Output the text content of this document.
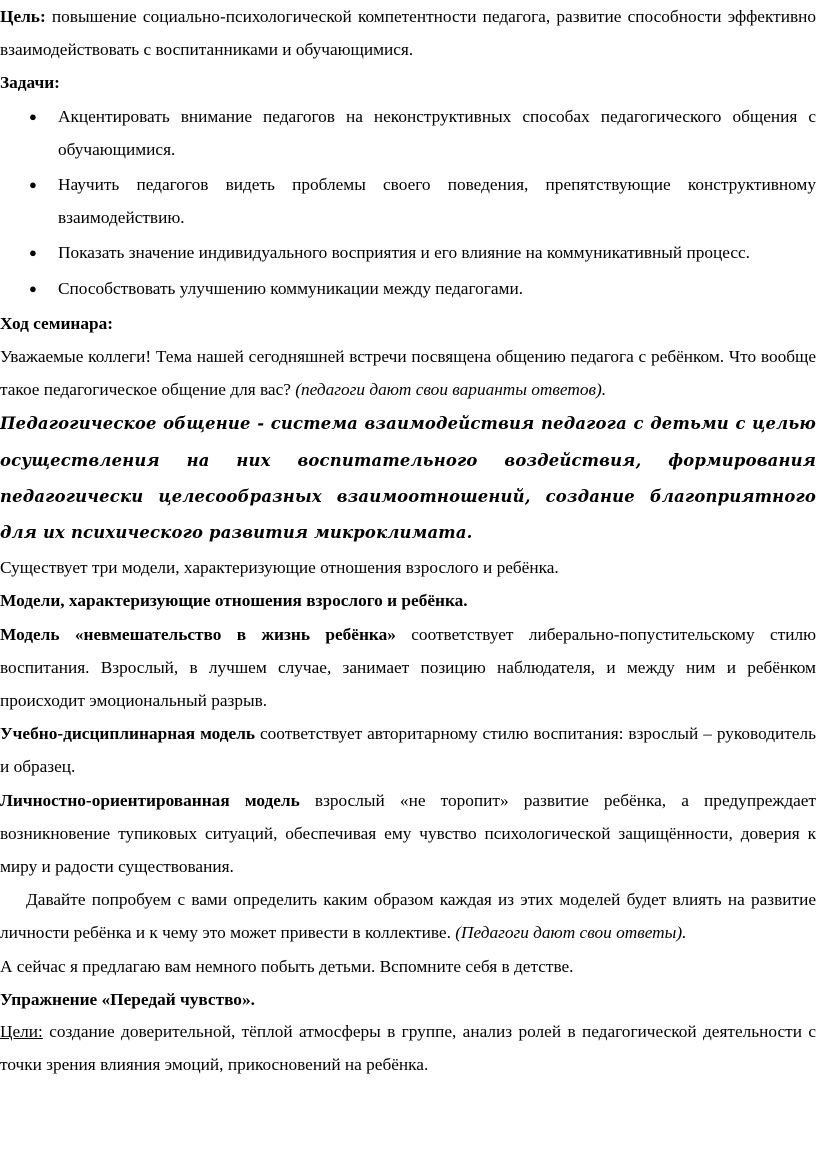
Цель: повышение социально-психологической компетентности педагога, развитие способности эффективно взаимодействовать с воспитанниками и обучающимися.

Задачи:

● Акцентировать внимание педагогов на неконструктивных способах педагогического общения с обучающимися.
● Научить педагогов видеть проблемы своего поведения, препятствующие конструктивному взаимодействию.
● Показать значение индивидуального восприятия и его влияние на коммуникативный процесс.
● Способствовать улучшению коммуникации между педагогами.

Ход семинара:

Уважаемые коллеги! Тема нашей сегодняшней встречи посвящена общению педагога с ребёнком. Что вообще такое педагогическое общение для вас? (педагоги дают свои варианты ответов).

Педагогическое общение - система взаимодействия педагога с детьми с целью осуществления на них воспитательного воздействия, формирования педагогически целесообразных взаимоотношений, создание благоприятного для их психического развития микроклимата.

Существует три модели, характеризующие отношения взрослого и ребёнка.

Модели, характеризующие отношения взрослого и ребёнка.

Модель «невмешательство в жизнь ребёнка» соответствует либерально-попустительскому стилю воспитания. Взрослый, в лучшем случае, занимает позицию наблюдателя, и между ним и ребёнком происходит эмоциональный разрыв.

Учебно-дисциплинарная модель соответствует авторитарному стилю воспитания: взрослый – руководитель и образец.

Личностно-ориентированная модель взрослый «не торопит» развитие ребёнка, а предупреждает возникновение тупиковых ситуаций, обеспечивая ему чувство психологической защищённости, доверия к миру и радости существования.

Давайте попробуем с вами определить каким образом каждая из этих моделей будет влиять на развитие личности ребёнка и к чему это может привести в коллективе. (Педагоги дают свои ответы).

А сейчас я предлагаю вам немного побыть детьми. Вспомните себя в детстве.

Упражнение «Передай чувство».

Цели: создание доверительной, тёплой атмосферы в группе, анализ ролей в педагогической деятельности с точки зрения влияния эмоций, прикосновений на ребёнка.
